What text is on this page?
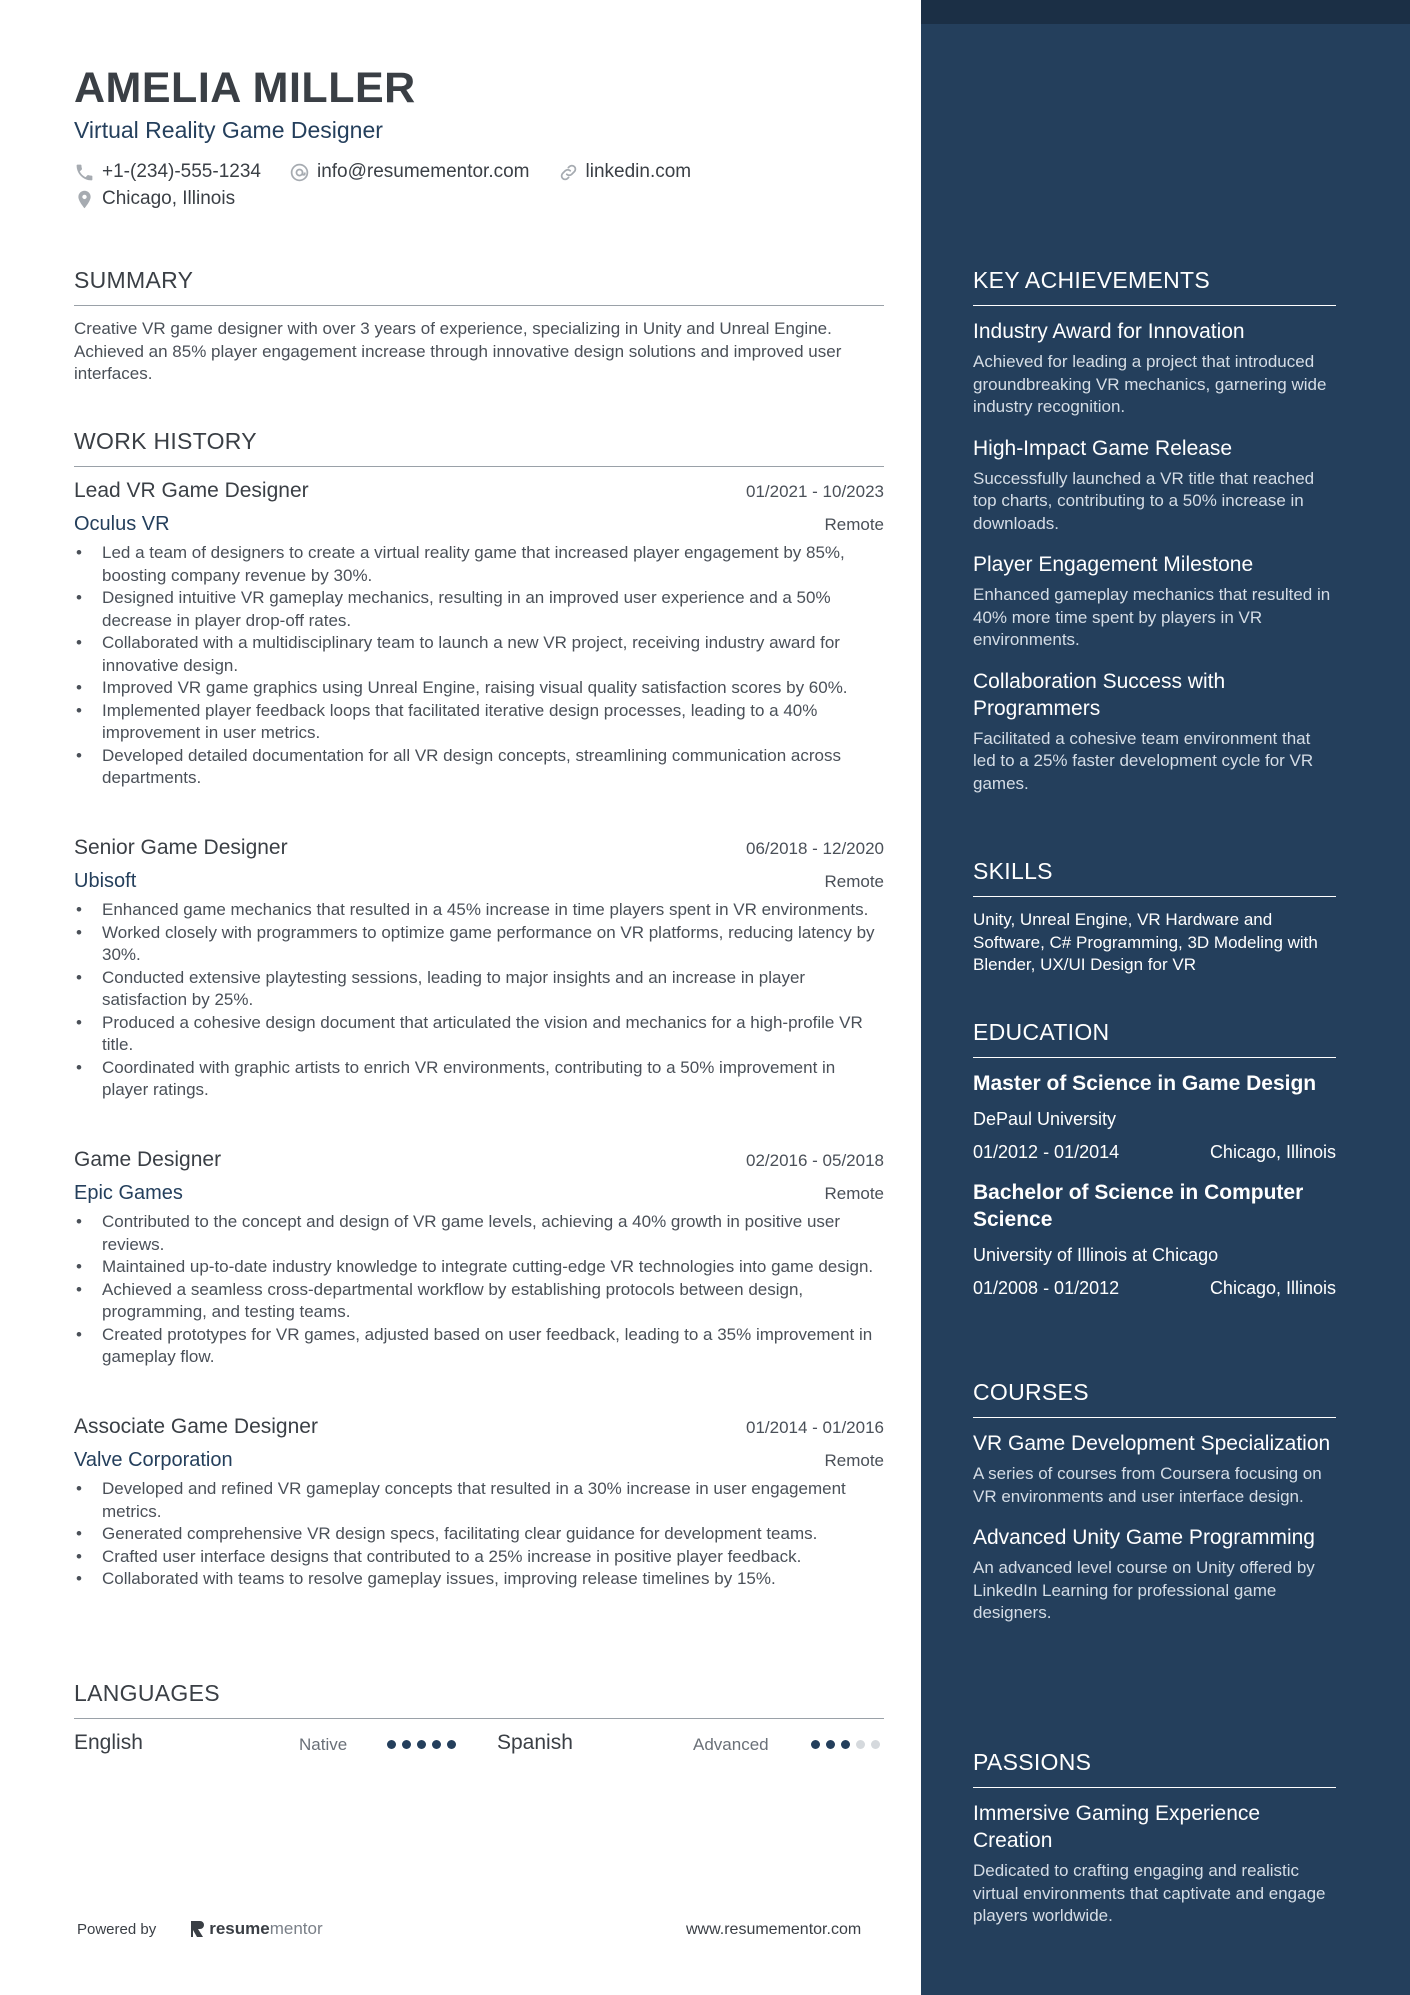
AMELIA MILLER
Virtual Reality Game Designer
+1-(234)-555-1234	info@resumementor.com	linkedin.com
Chicago, Illinois
SUMMARY
Creative VR game designer with over 3 years of experience, specializing in Unity and Unreal Engine. Achieved an 85% player engagement increase through innovative design solutions and improved user interfaces.
WORK HISTORY
Lead VR Game Designer	01/2021 - 10/2023
Oculus VR	Remote
• Led a team of designers to create a virtual reality game that increased player engagement by 85%, boosting company revenue by 30%.
• Designed intuitive VR gameplay mechanics, resulting in an improved user experience and a 50% decrease in player drop-off rates.
• Collaborated with a multidisciplinary team to launch a new VR project, receiving industry award for innovative design.
• Improved VR game graphics using Unreal Engine, raising visual quality satisfaction scores by 60%.
• Implemented player feedback loops that facilitated iterative design processes, leading to a 40% improvement in user metrics.
• Developed detailed documentation for all VR design concepts, streamlining communication across departments.
Senior Game Designer	06/2018 - 12/2020
Ubisoft	Remote
• Enhanced game mechanics that resulted in a 45% increase in time players spent in VR environments.
• Worked closely with programmers to optimize game performance on VR platforms, reducing latency by 30%.
• Conducted extensive playtesting sessions, leading to major insights and an increase in player satisfaction by 25%.
• Produced a cohesive design document that articulated the vision and mechanics for a high-profile VR title.
• Coordinated with graphic artists to enrich VR environments, contributing to a 50% improvement in player ratings.
Game Designer	02/2016 - 05/2018
Epic Games	Remote
• Contributed to the concept and design of VR game levels, achieving a 40% growth in positive user reviews.
• Maintained up-to-date industry knowledge to integrate cutting-edge VR technologies into game design.
• Achieved a seamless cross-departmental workflow by establishing protocols between design, programming, and testing teams.
• Created prototypes for VR games, adjusted based on user feedback, leading to a 35% improvement in gameplay flow.
Associate Game Designer	01/2014 - 01/2016
Valve Corporation	Remote
• Developed and refined VR gameplay concepts that resulted in a 30% increase in user engagement metrics.
• Generated comprehensive VR design specs, facilitating clear guidance for development teams.
• Crafted user interface designs that contributed to a 25% increase in positive player feedback.
• Collaborated with teams to resolve gameplay issues, improving release timelines by 15%.
LANGUAGES
English	Native	Spanish	Advanced
Powered by	resume mentor	www.resumementor.com
KEY ACHIEVEMENTS
Industry Award for Innovation
Achieved for leading a project that introduced groundbreaking VR mechanics, garnering wide industry recognition.
High-Impact Game Release
Successfully launched a VR title that reached top charts, contributing to a 50% increase in downloads.
Player Engagement Milestone
Enhanced gameplay mechanics that resulted in 40% more time spent by players in VR environments.
Collaboration Success with Programmers
Facilitated a cohesive team environment that led to a 25% faster development cycle for VR games.
SKILLS
Unity, Unreal Engine, VR Hardware and Software, C# Programming, 3D Modeling with Blender, UX/UI Design for VR
EDUCATION
Master of Science in Game Design
DePaul University
01/2012 - 01/2014	Chicago, Illinois
Bachelor of Science in Computer Science
University of Illinois at Chicago
01/2008 - 01/2012	Chicago, Illinois
COURSES
VR Game Development Specialization
A series of courses from Coursera focusing on VR environments and user interface design.
Advanced Unity Game Programming
An advanced level course on Unity offered by LinkedIn Learning for professional game designers.
PASSIONS
Immersive Gaming Experience Creation
Dedicated to crafting engaging and realistic virtual environments that captivate and engage players worldwide.
